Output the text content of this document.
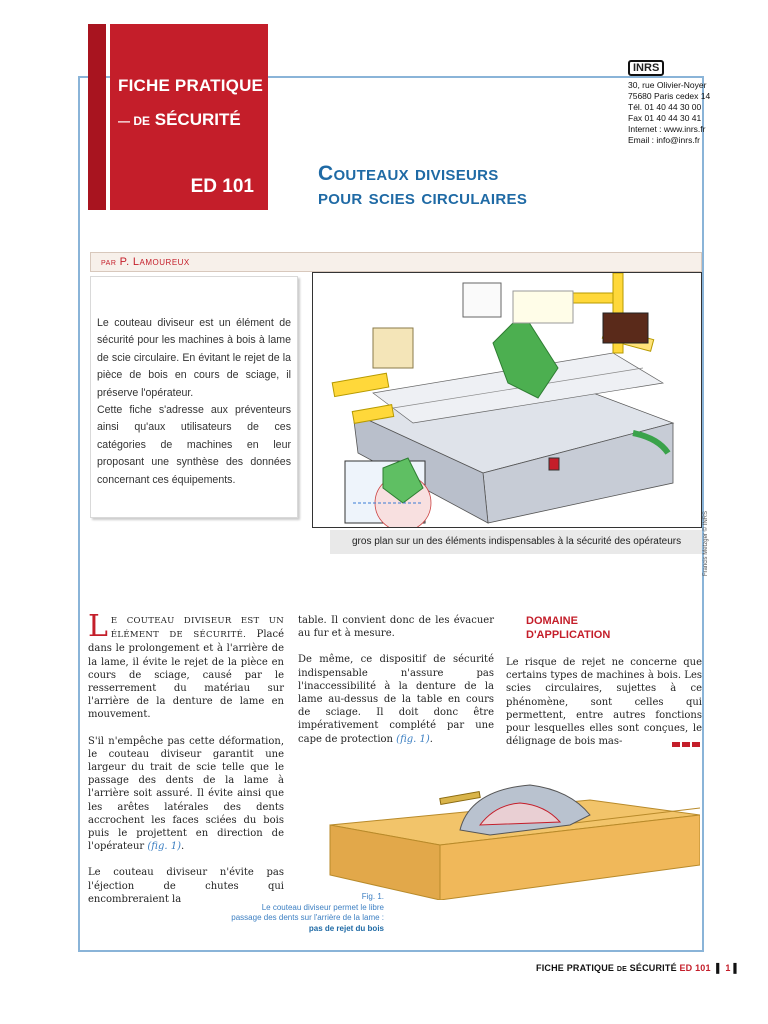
FICHE PRATIQUE
— DE SÉCURITÉ
ED 101
INRS
30, rue Olivier-Noyer
75680 Paris cedex 14
Tél. 01 40 44 30 00
Fax 01 40 44 30 41
Internet : www.inrs.fr
Email : info@inrs.fr
Couteaux diviseurs
pour scies circulaires
par P. Lamoureux
Le couteau diviseur est un élément de sécurité pour les machines à bois à lame de scie circulaire. En évitant le rejet de la pièce de bois en cours de sciage, il préserve l'opérateur.
Cette fiche s'adresse aux préventeurs ainsi qu'aux utilisateurs de ces catégories de machines en leur proposant une synthèse des données concernant ces équipements.
Francis Metzger © INRS
gros plan sur un des éléments indispensables à la sécurité des opérateurs

LE COUTEAU DIVISEUR EST UN ÉLÉMENT DE SÉCURITÉ. Placé dans le prolongement et à l'arrière de la lame, il évite le rejet de la pièce en cours de sciage, causé par le resserrement du matériau sur l'arrière de la denture de lame en mouvement.

S'il n'empêche pas cette déformation, le couteau diviseur garantit une largeur du trait de scie telle que le passage des dents de la lame à l'arrière soit assuré. Il évite ainsi que les arêtes latérales des dents accrochent les faces sciées du bois puis le projettent en direction de l'opérateur (fig. 1).

Le couteau diviseur n'évite pas l'éjection de chutes qui encombreraient la

table. Il convient donc de les évacuer au fur et à mesure.

De même, ce dispositif de sécurité indispensable n'assure pas l'inaccessibilité à la denture de la lame au-dessus de la table en cours de sciage. Il doit donc être impérativement complété par une cape de protection (fig. 1).

DOMAINE
D'APPLICATION

Le risque de rejet ne concerne que certains types de machines à bois. Les scies circulaires, sujettes à ce phénomène, sont celles qui permettent, entre autres fonctions pour lesquelles elles sont conçues, le délignage de bois mas-

Fig. 1.
Le couteau diviseur permet le libre
passage des dents sur l'arrière de la lame :
pas de rejet du bois
FICHE PRATIQUE DE SÉCURITÉ ED 101  ▌ 1 ▌
